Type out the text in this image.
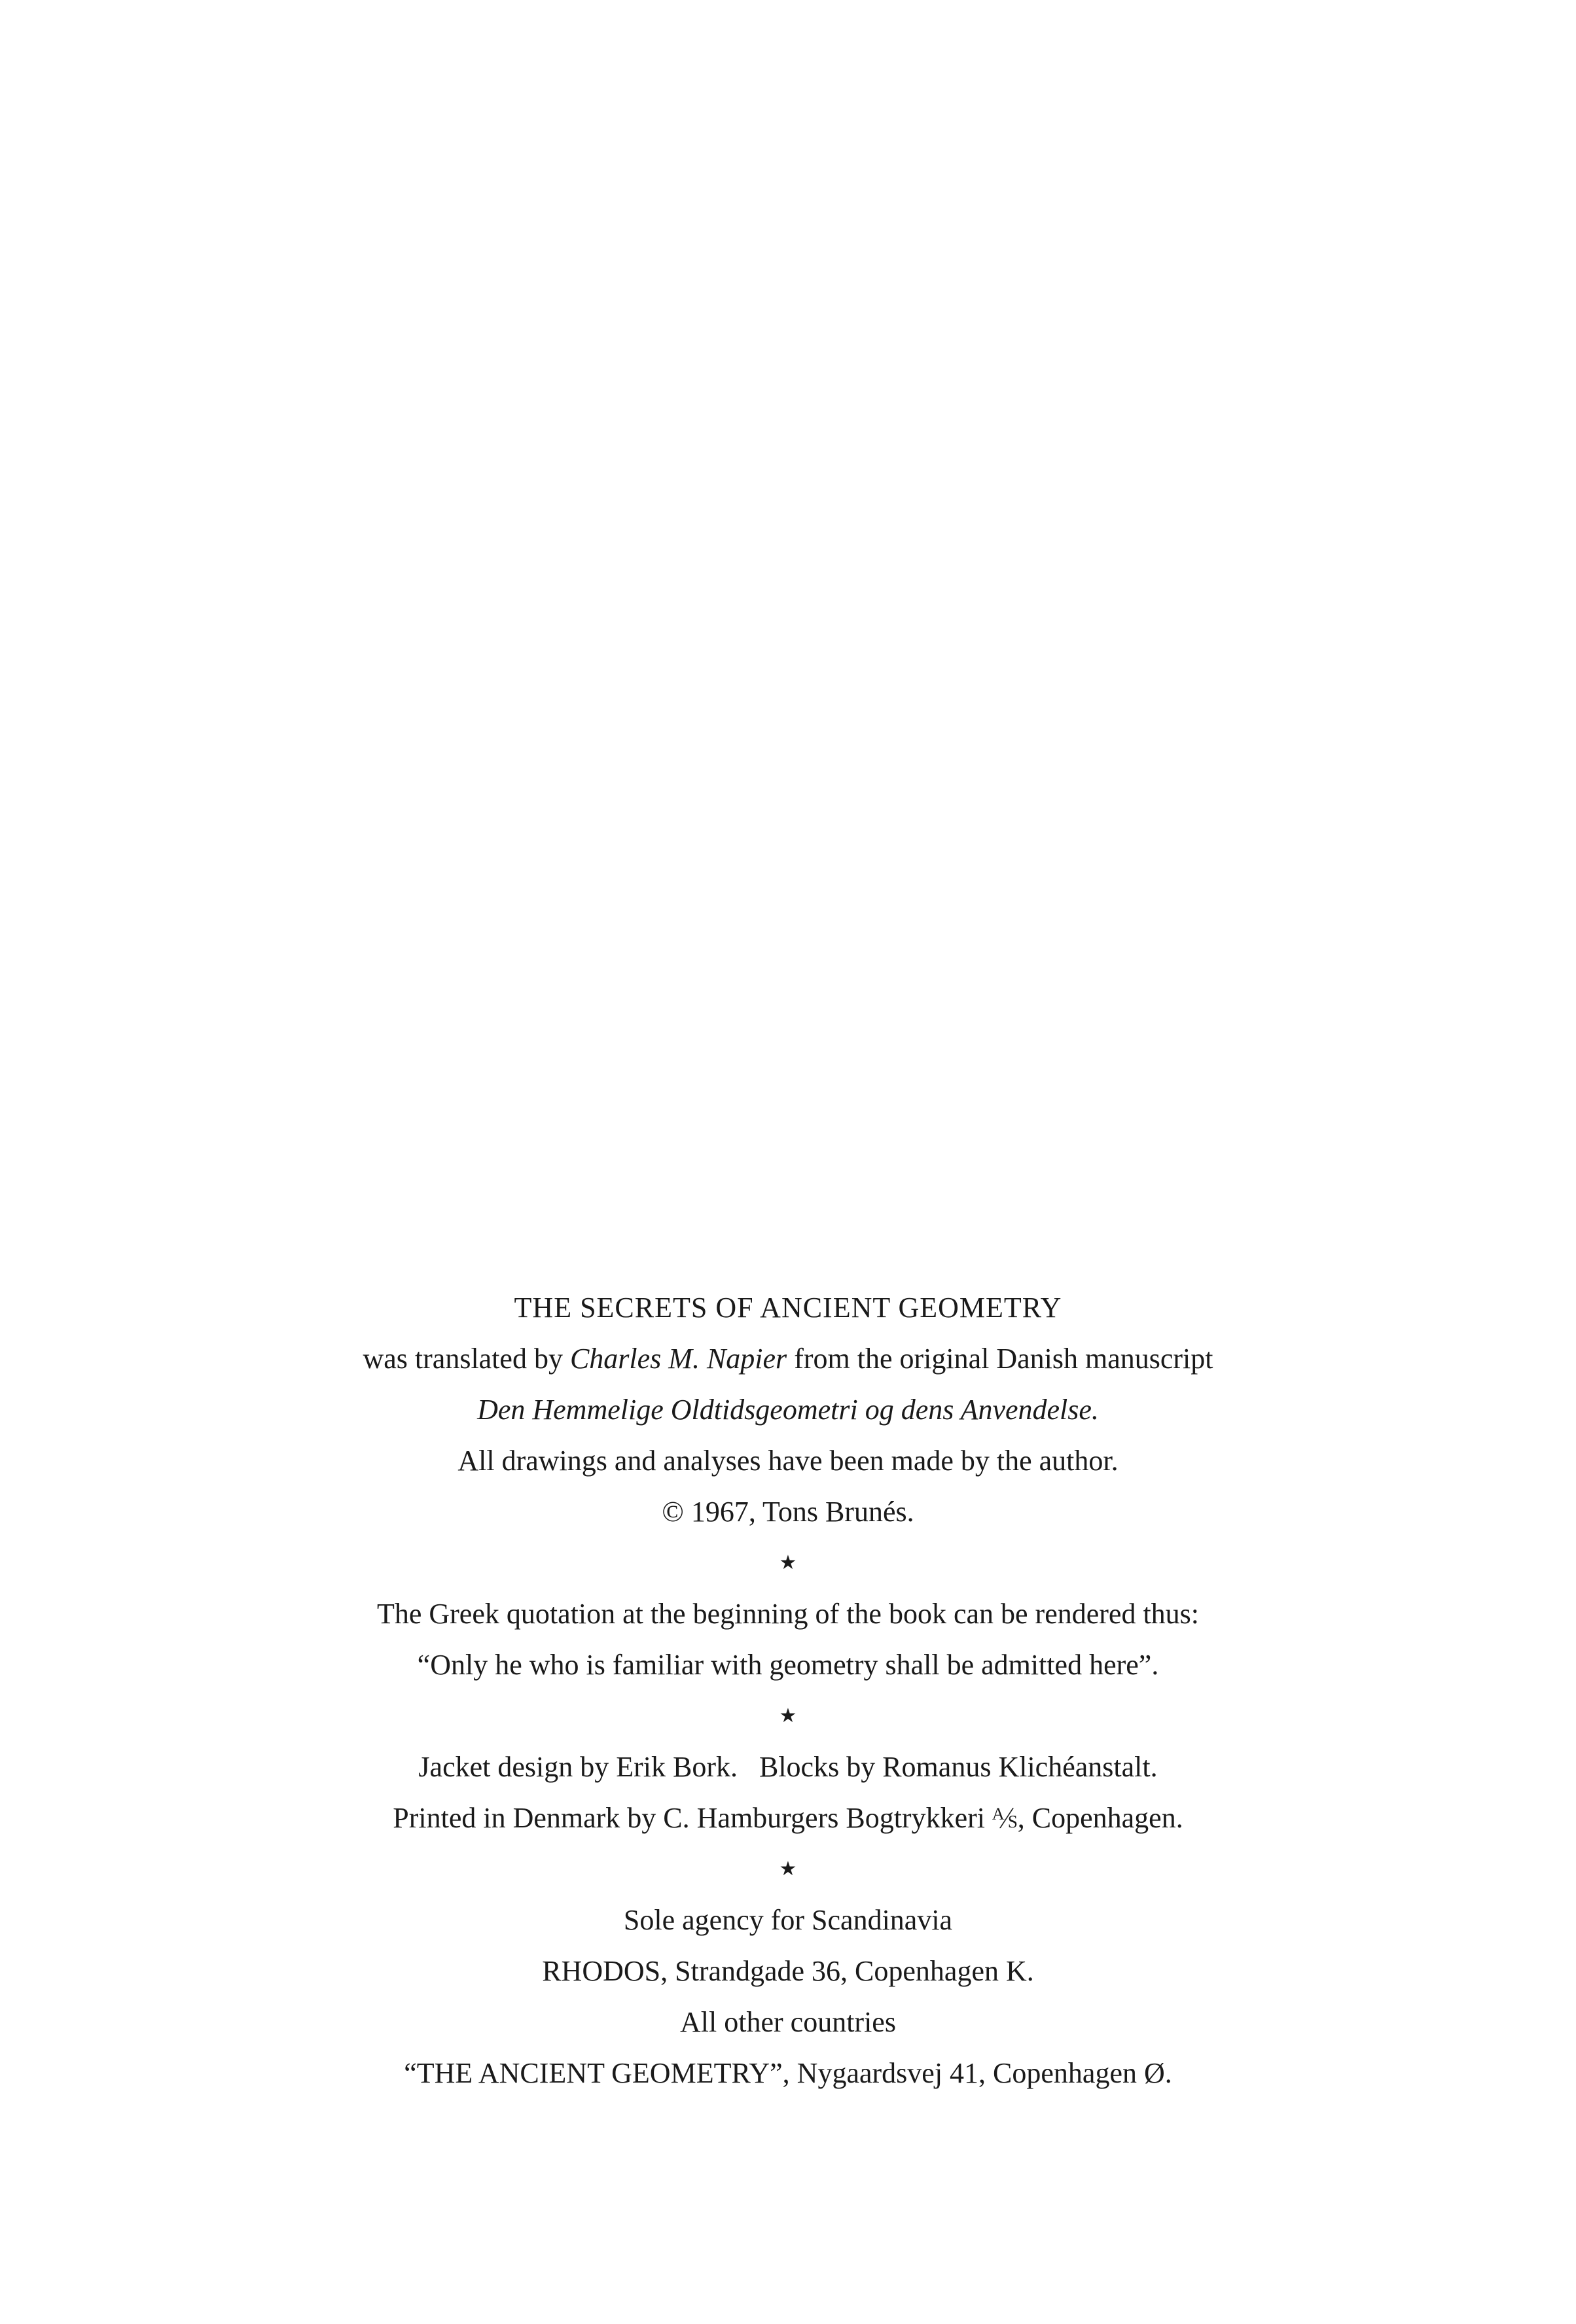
THE SECRETS OF ANCIENT GEOMETRY
was translated by Charles M. Napier from the original Danish manuscript
Den Hemmelige Oldtidsgeometri og dens Anvendelse.
All drawings and analyses have been made by the author.
© 1967, Tons Brunés.
★
The Greek quotation at the beginning of the book can be rendered thus:
“Only he who is familiar with geometry shall be admitted here”.
★
Jacket design by Erik Bork.   Blocks by Romanus Klichéanstalt.
Printed in Denmark by C. Hamburgers Bogtrykkeri ⅍, Copenhagen.
★
Sole agency for Scandinavia
RHODOS, Strandgade 36, Copenhagen K.
All other countries
“THE ANCIENT GEOMETRY”, Nygaardsvej 41, Copenhagen Ø.
